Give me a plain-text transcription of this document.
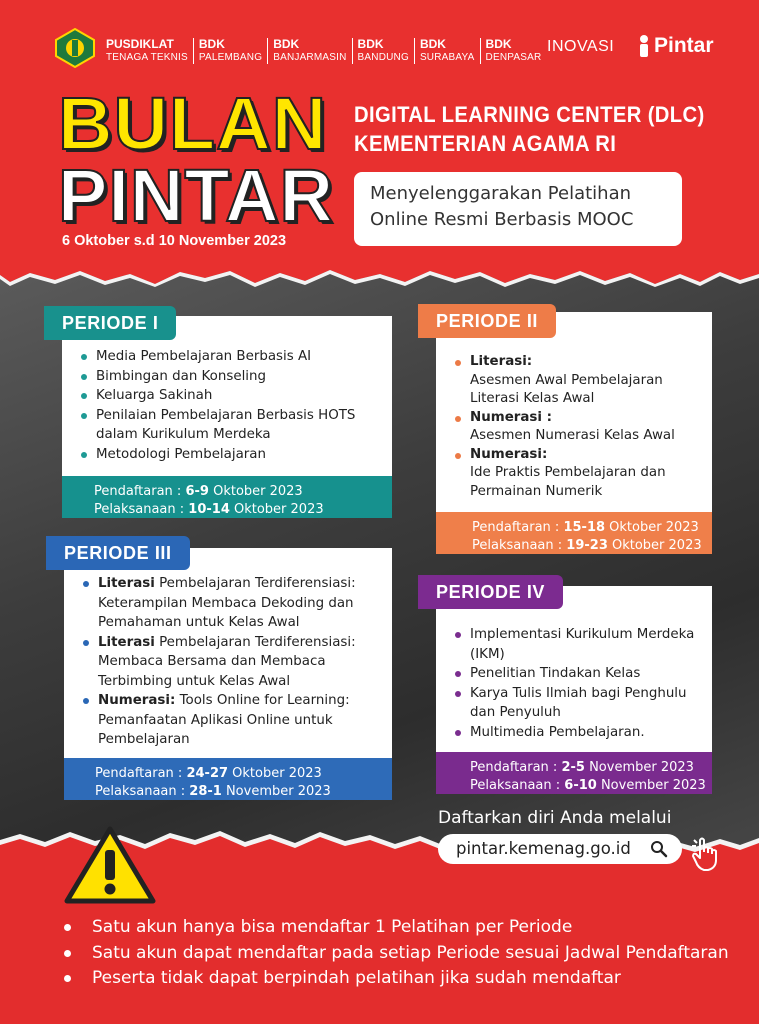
PUSDIKLAT
TENAGA TEKNIS
BDK
PALEMBANG
BDK
BANJARMASIN
BDK
BANDUNG
BDK
SURABAYA
BDK
DENPASAR
INOVASI Pintar
BULAN
PINTAR
6 Oktober s.d 10 November 2023
DIGITAL LEARNING CENTER (DLC)
KEMENTERIAN AGAMA RI
Menyelenggarakan Pelatihan
Online Resmi Berbasis MOOC
Media Pembelajaran Berbasis AI
Bimbingan dan Konseling
Keluarga Sakinah
Penilaian Pembelajaran Berbasis HOTS dalam Kurikulum Merdeka
Metodologi Pembelajaran
Pendaftaran : 6-9 Oktober 2023
Pelaksanaan : 10-14 Oktober 2023
PERIODE I
Literasi:
Asesmen Awal Pembelajaran Literasi Kelas Awal
Numerasi :
Asesmen Numerasi Kelas Awal
Numerasi:
Ide Praktis Pembelajaran dan Permainan Numerik
Pendaftaran : 15-18 Oktober 2023
Pelaksanaan : 19-23 Oktober 2023
PERIODE II
Literasi Pembelajaran Terdiferensiasi: Keterampilan Membaca Dekoding dan Pemahaman untuk Kelas Awal
Literasi Pembelajaran Terdiferensiasi: Membaca Bersama dan Membaca Terbimbing untuk Kelas Awal
Numerasi: Tools Online for Learning: Pemanfaatan Aplikasi Online untuk Pembelajaran
Pendaftaran : 24-27 Oktober 2023
Pelaksanaan : 28-1 November 2023
PERIODE III
Implementasi Kurikulum Merdeka (IKM)
Penelitian Tindakan Kelas
Karya Tulis Ilmiah bagi Penghulu dan Penyuluh
Multimedia Pembelajaran.
Pendaftaran : 2-5 November 2023
Pelaksanaan : 6-10 November 2023
PERIODE IV
Daftarkan diri Anda melalui
pintar.kemenag.go.id
Satu akun hanya bisa mendaftar 1 Pelatihan per Periode
Satu akun dapat mendaftar pada setiap Periode sesuai Jadwal Pendaftaran
Peserta tidak dapat berpindah pelatihan jika sudah mendaftar
